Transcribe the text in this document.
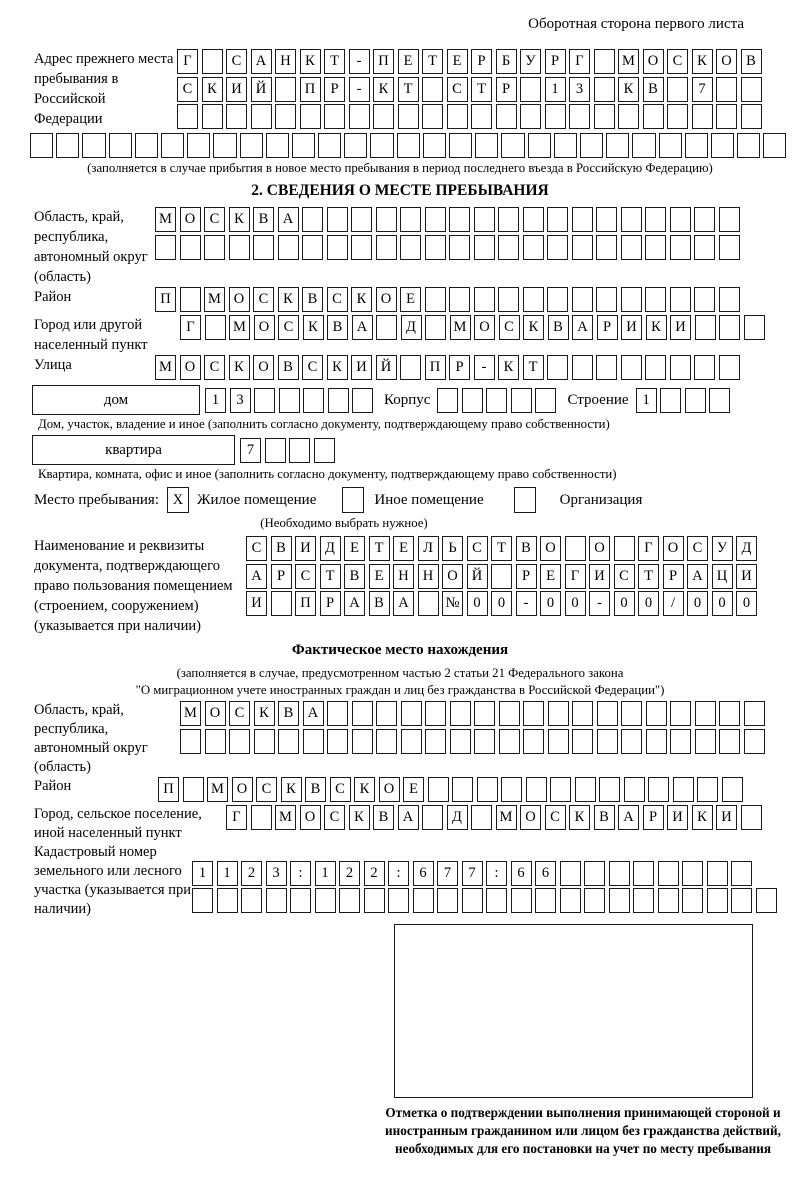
Оборотная сторона первого листа
Адрес прежнего места пребывания в Российской Федерации
Г	С А Н К	Т	-	П	Е	Т	Е	Р	Б	У	Р	Г	М О С	К О В
С	К И Й	П	Р	-	К	Т	С	Т	Р	1	3	К	В	7
(заполняется в случае прибытия в новое место пребывания в период последнего въезда в Российскую Федерацию)
2. СВЕДЕНИЯ О МЕСТЕ ПРЕБЫВАНИЯ
Область, край, республика, автономный округ (область)
М О С	К	В А
Район	П	М О С	К	В	С	К О	Е
Город или другой населенный пункт
Г	М О С	К	В А	Д	М О С	К	В А	Р	И К И
Улица	М О С	К О В	С	К И Й	П	Р	-	К	Т
дом	1	3	Корпус	Строение 1
Дом, участок, владение и иное (заполнить согласно документу, подтверждающему право собственности)
квартира	7
Квартира, комната, офис и иное (заполнить согласно документу, подтверждающему право собственности)
Место пребывания: X Жилое помещение	Иное помещение	Организация
(Необходимо выбрать нужное)
Наименование и реквизиты документа, подтверждающего право пользования помещением (строением, сооружением) (указывается при наличии)
С	В И Д	Е	Т	Е	Л	Ь	С	Т	В О	О	Г	О С	У Д
А	Р	С	Т	В	Е	Н Н О Й	Р	Е	Г	И С	Т	Р	А Ц И
И	П	Р	А В А	№ 0	0	-	0	0	-	0	0	/	0	0	0
Фактическое место нахождения
(заполняется в случае, предусмотренном частью 2 статьи 21 Федерального закона
"О миграционном учете иностранных граждан и лиц без гражданства в Российской Федерации")
Область, край, республика, автономный округ (область)
М О С	К	В А
Район	П	М О С	К	В	С	К О	Е
Город, сельское поселение, иной населенный пункт
Г	М О С	К	В А	Д	М О С	К	В А	Р	И К И
Кадастровый номер земельного или лесного участка (указывается при наличии)
1	1	2	3	:	1	2	2	:	6	7	7	:	6	6
Отметка о подтверждении выполнения принимающей стороной и иностранным гражданином или лицом без гражданства действий, необходимых для его постановки на учет по месту пребывания
